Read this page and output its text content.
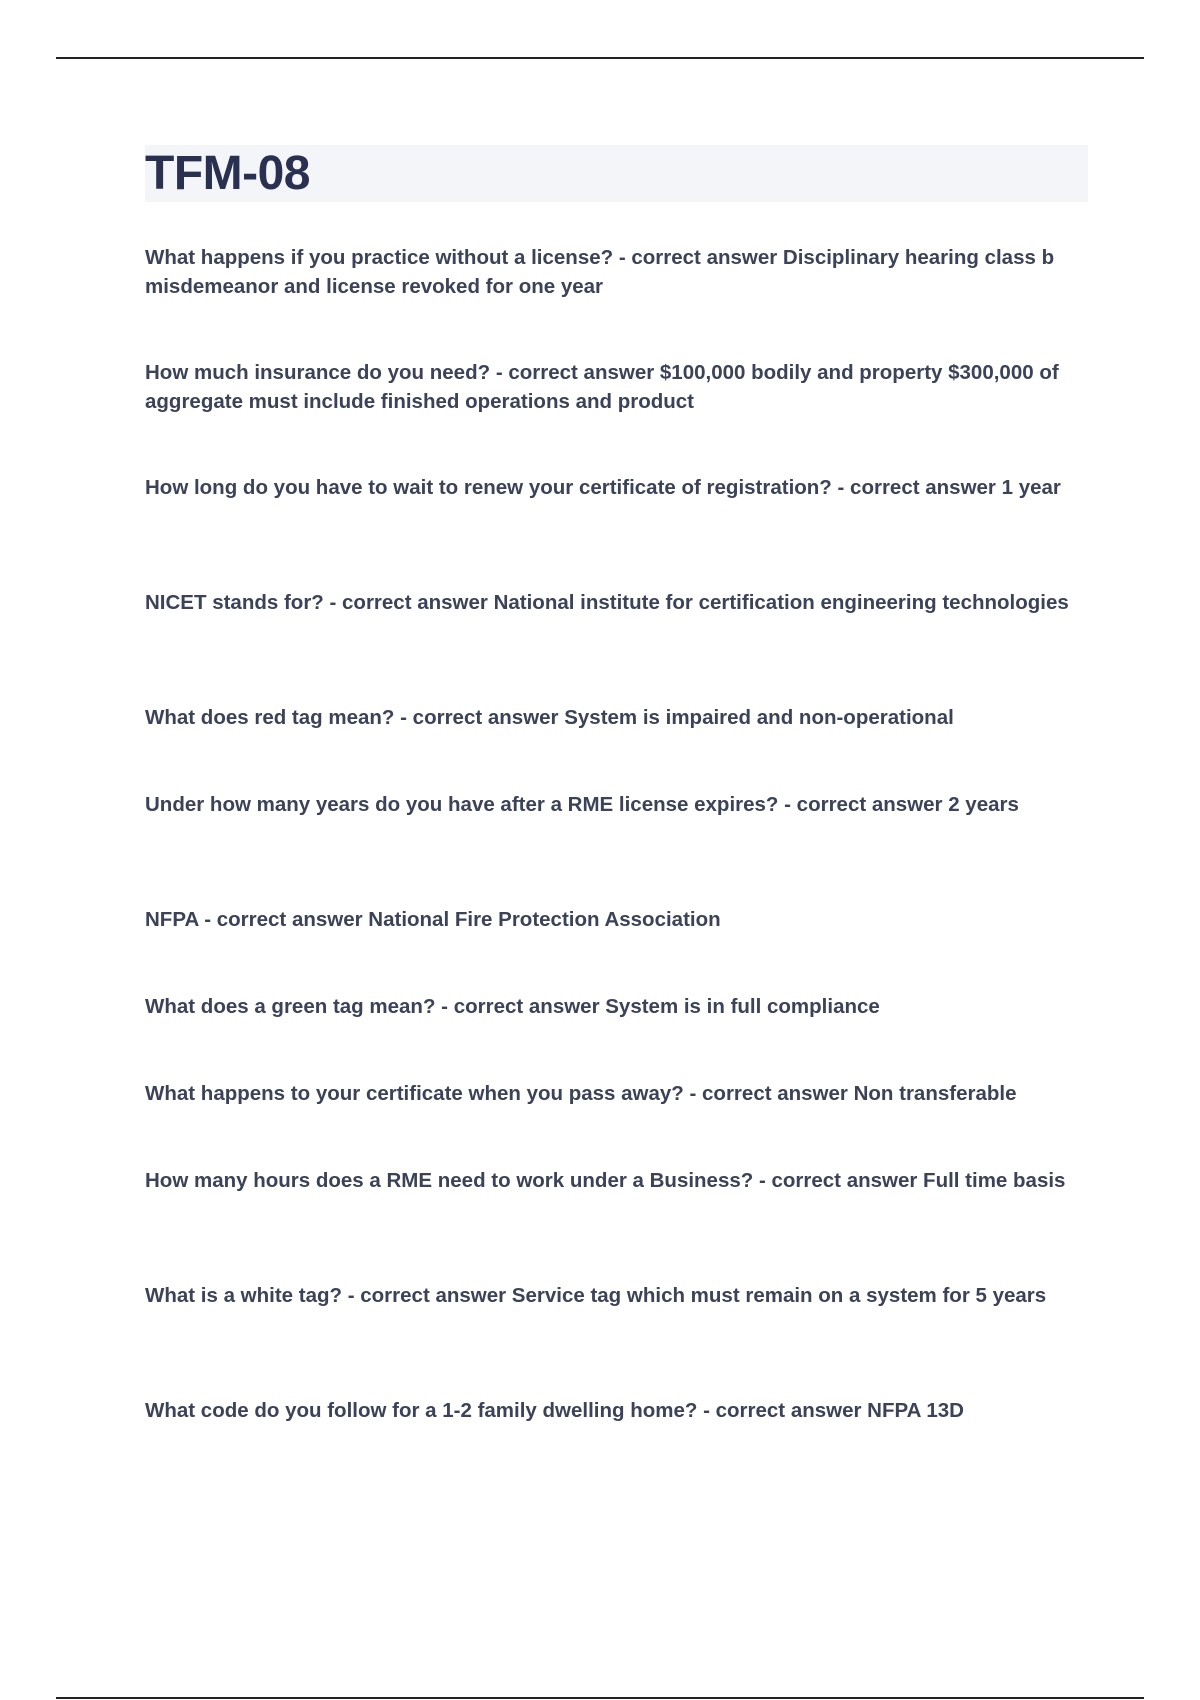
TFM-08
What happens if you practice without a license? - correct answer Disciplinary hearing class b misdemeanor and license revoked for one year
How much insurance do you need? - correct answer $100,000 bodily and property $300,000 of aggregate must include finished operations and product
How long do you have to wait to renew your certificate of registration? - correct answer 1 year
NICET stands for? - correct answer National institute for certification engineering technologies
What does red tag mean? - correct answer System is impaired and non-operational
Under how many years do you have after a RME license expires? - correct answer 2 years
NFPA - correct answer National Fire Protection Association
What does a green tag mean? - correct answer System is in full compliance
What happens to your certificate when you pass away? - correct answer Non transferable
How many hours does a RME need to work under a Business? - correct answer Full time basis
What is a white tag? - correct answer Service tag which must remain on a system for 5 years
What code do you follow for a 1-2 family dwelling home? - correct answer NFPA 13D
